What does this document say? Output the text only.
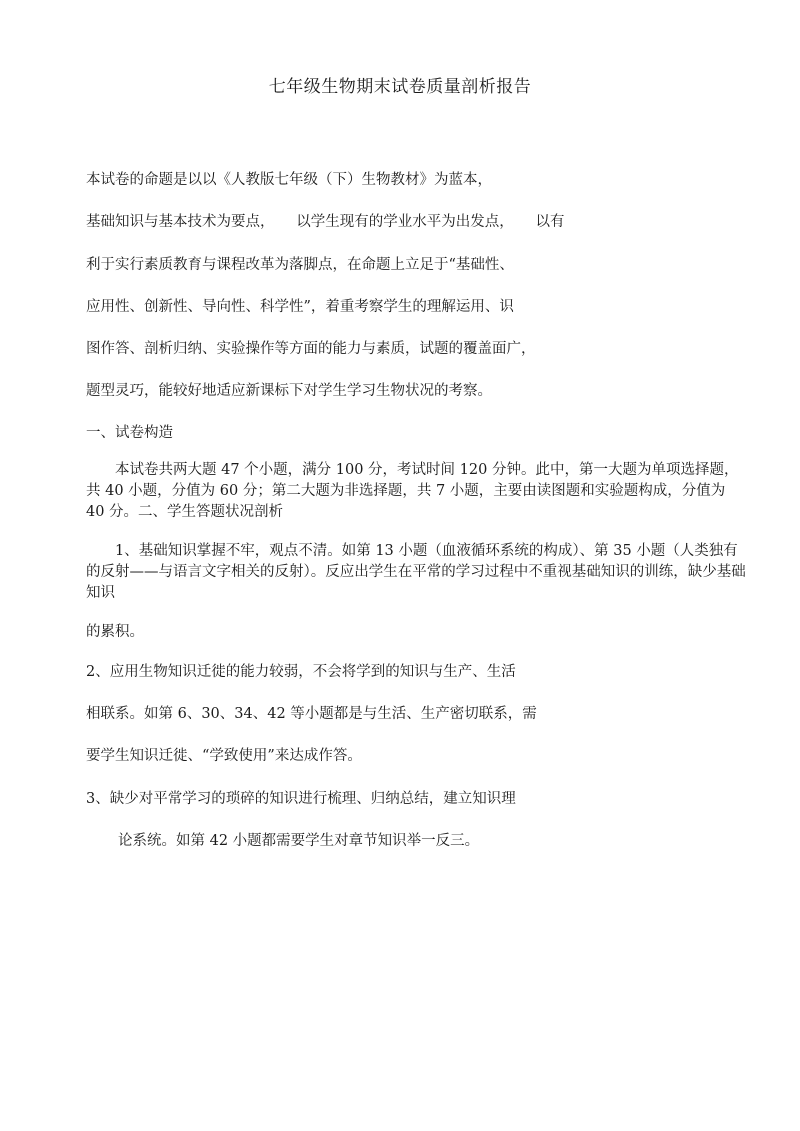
七年级生物期末试卷质量剖析报告
本试卷的命题是以以《人教版七年级（下）生物教材》为蓝本，
基础知识与基本技术为要点，　　以学生现有的学业水平为出发点，　　以有
利于实行素质教育与课程改革为落脚点，在命题上立足于“基础性、
应用性、创新性、导向性、科学性”，着重考察学生的理解运用、识
图作答、剖析归纳、实验操作等方面的能力与素质，试题的覆盖面广，
题型灵巧，能较好地适应新课标下对学生学习生物状况的考察。
一、试卷构造
本试卷共两大题 47 个小题，满分 100 分，考试时间 120 分钟。此中，第一大题为单项选择题，共 40 小题，分值为 60 分；第二大题为非选择题，共 7 小题，主要由读图题和实验题构成，分值为 40 分。二、学生答题状况剖析
1、基础知识掌握不牢，观点不清。如第 13 小题（血液循环系统的构成）、第 35 小题（人类独有的反射——与语言文字相关的反射）。反应出学生在平常的学习过程中不重视基础知识的训练，缺少基础知识
的累积。
2、应用生物知识迁徙的能力较弱，不会将学到的知识与生产、生活
相联系。如第 6、30、34、42 等小题都是与生活、生产密切联系，需
要学生知识迁徙、“学致使用”来达成作答。
3、缺少对平常学习的琐碎的知识进行梳理、归纳总结，建立知识理
论系统。如第 42 小题都需要学生对章节知识举一反三。
